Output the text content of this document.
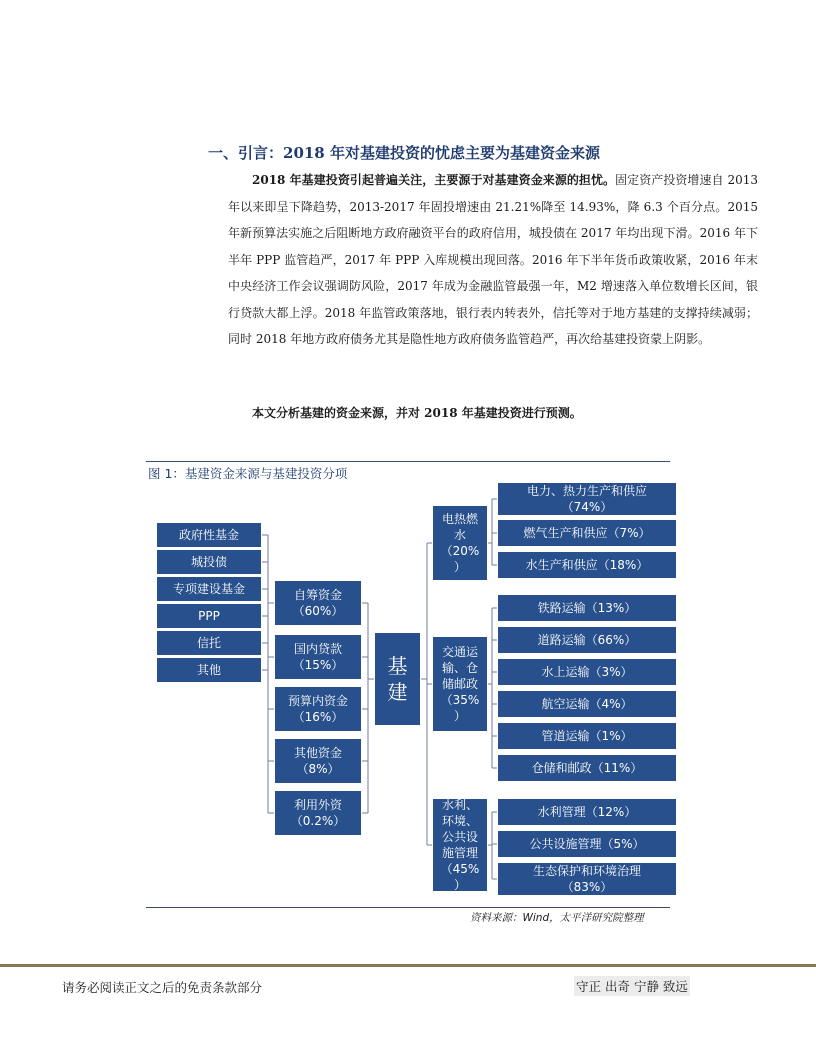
一、引言：2018 年对基建投资的忧虑主要为基建资金来源
2018 年基建投资引起普遍关注，主要源于对基建资金来源的担忧。固定资产投资增速自 2013 年以来即呈下降趋势，2013-2017 年固投增速由 21.21%降至 14.93%，降 6.3 个百分点。2015 年新预算法实施之后阻断地方政府融资平台的政府信用，城投债在 2017 年均出现下滑。2016 年下半年 PPP 监管趋严，2017 年 PPP 入库规模出现回落。2016 年下半年货币政策收紧，2016 年末中央经济工作会议强调防风险，2017 年成为金融监管最强一年，M2 增速落入单位数增长区间，银行贷款大都上浮。2018 年监管政策落地，银行表内转表外，信托等对于地方基建的支撑持续减弱；同时 2018 年地方政府债务尤其是隐性地方政府债务监管趋严，再次给基建投资蒙上阴影。
本文分析基建的资金来源，并对 2018 年基建投资进行预测。
图 1：基建资金来源与基建投资分项
政府性基金
城投债
专项建设基金
PPP
信托
其他
自筹资金
（60%）
国内贷款
（15%）
预算内资金
（16%）
其他资金
（8%）
利用外资
（0.2%）
基
建
电热燃
水
（20%
）
交通运
输、仓
储邮政
（35%
）
水利、
环境、
公共设
施管理
（45%
）
电力、热力生产和供应
（74%）
燃气生产和供应（7%）
水生产和供应（18%）
铁路运输（13%）
道路运输（66%）
水上运输（3%）
航空运输（4%）
管道运输（1%）
仓储和邮政（11%）
水利管理（12%）
公共设施管理（5%）
生态保护和环境治理
（83%）
资料来源：Wind，太平洋研究院整理
请务必阅读正文之后的免责条款部分	守正 出奇 宁静 致远
